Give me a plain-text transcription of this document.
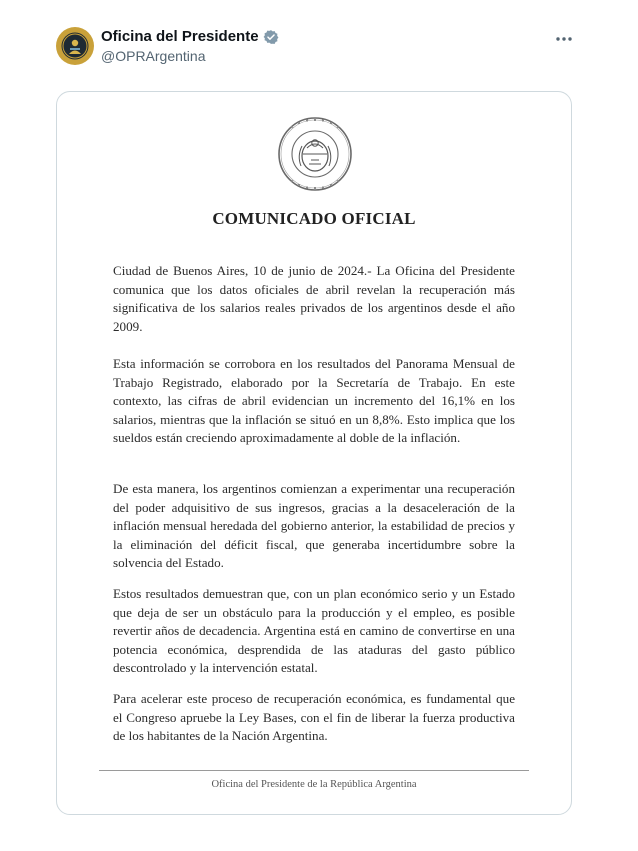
Oficina del Presidente
@OPRArgentina
COMUNICADO OFICIAL

Ciudad de Buenos Aires, 10 de junio de 2024.- La Oficina del Presidente comunica que los datos oficiales de abril revelan la recuperación más significativa de los salarios reales privados de los argentinos desde el año 2009.

Esta información se corrobora en los resultados del Panorama Mensual de Trabajo Registrado, elaborado por la Secretaría de Trabajo. En este contexto, las cifras de abril evidencian un incremento del 16,1% en los salarios, mientras que la inflación se situó en un 8,8%. Esto implica que los sueldos están creciendo aproximadamente al doble de la inflación.

De esta manera, los argentinos comienzan a experimentar una recuperación del poder adquisitivo de sus ingresos, gracias a la desaceleración de la inflación mensual heredada del gobierno anterior, la estabilidad de precios y la eliminación del déficit fiscal, que generaba incertidumbre sobre la solvencia del Estado.

Estos resultados demuestran que, con un plan económico serio y un Estado que deja de ser un obstáculo para la producción y el empleo, es posible revertir años de decadencia. Argentina está en camino de convertirse en una potencia económica, desprendida de las ataduras del gasto público descontrolado y la intervención estatal.

Para acelerar este proceso de recuperación económica, es fundamental que el Congreso apruebe la Ley Bases, con el fin de liberar la fuerza productiva de los habitantes de la Nación Argentina.

Oficina del Presidente de la República Argentina
